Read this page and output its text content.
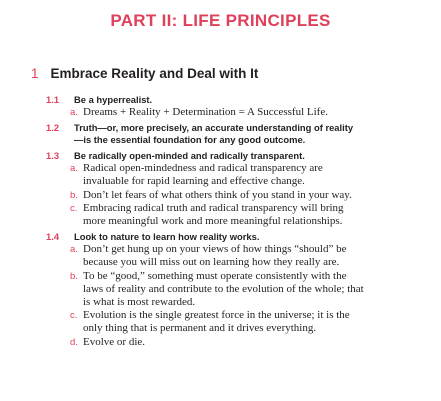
PART II: LIFE PRINCIPLES
1 Embrace Reality and Deal with It
1.1 Be a hyperrealist.
a. Dreams + Reality + Determination = A Successful Life.
1.2 Truth—or, more precisely, an accurate understanding of reality
—is the essential foundation for any good outcome.
1.3 Be radically open-minded and radically transparent.
a. Radical open-mindedness and radical transparency are
invaluable for rapid learning and effective change.
b. Don’t let fears of what others think of you stand in your way.
c. Embracing radical truth and radical transparency will bring
more meaningful work and more meaningful relationships.
1.4 Look to nature to learn how reality works.
a. Don’t get hung up on your views of how things “should” be
because you will miss out on learning how they really are.
b. To be “good,” something must operate consistently with the
laws of reality and contribute to the evolution of the whole; that
is what is most rewarded.
c. Evolution is the single greatest force in the universe; it is the
only thing that is permanent and it drives everything.
d. Evolve or die.
